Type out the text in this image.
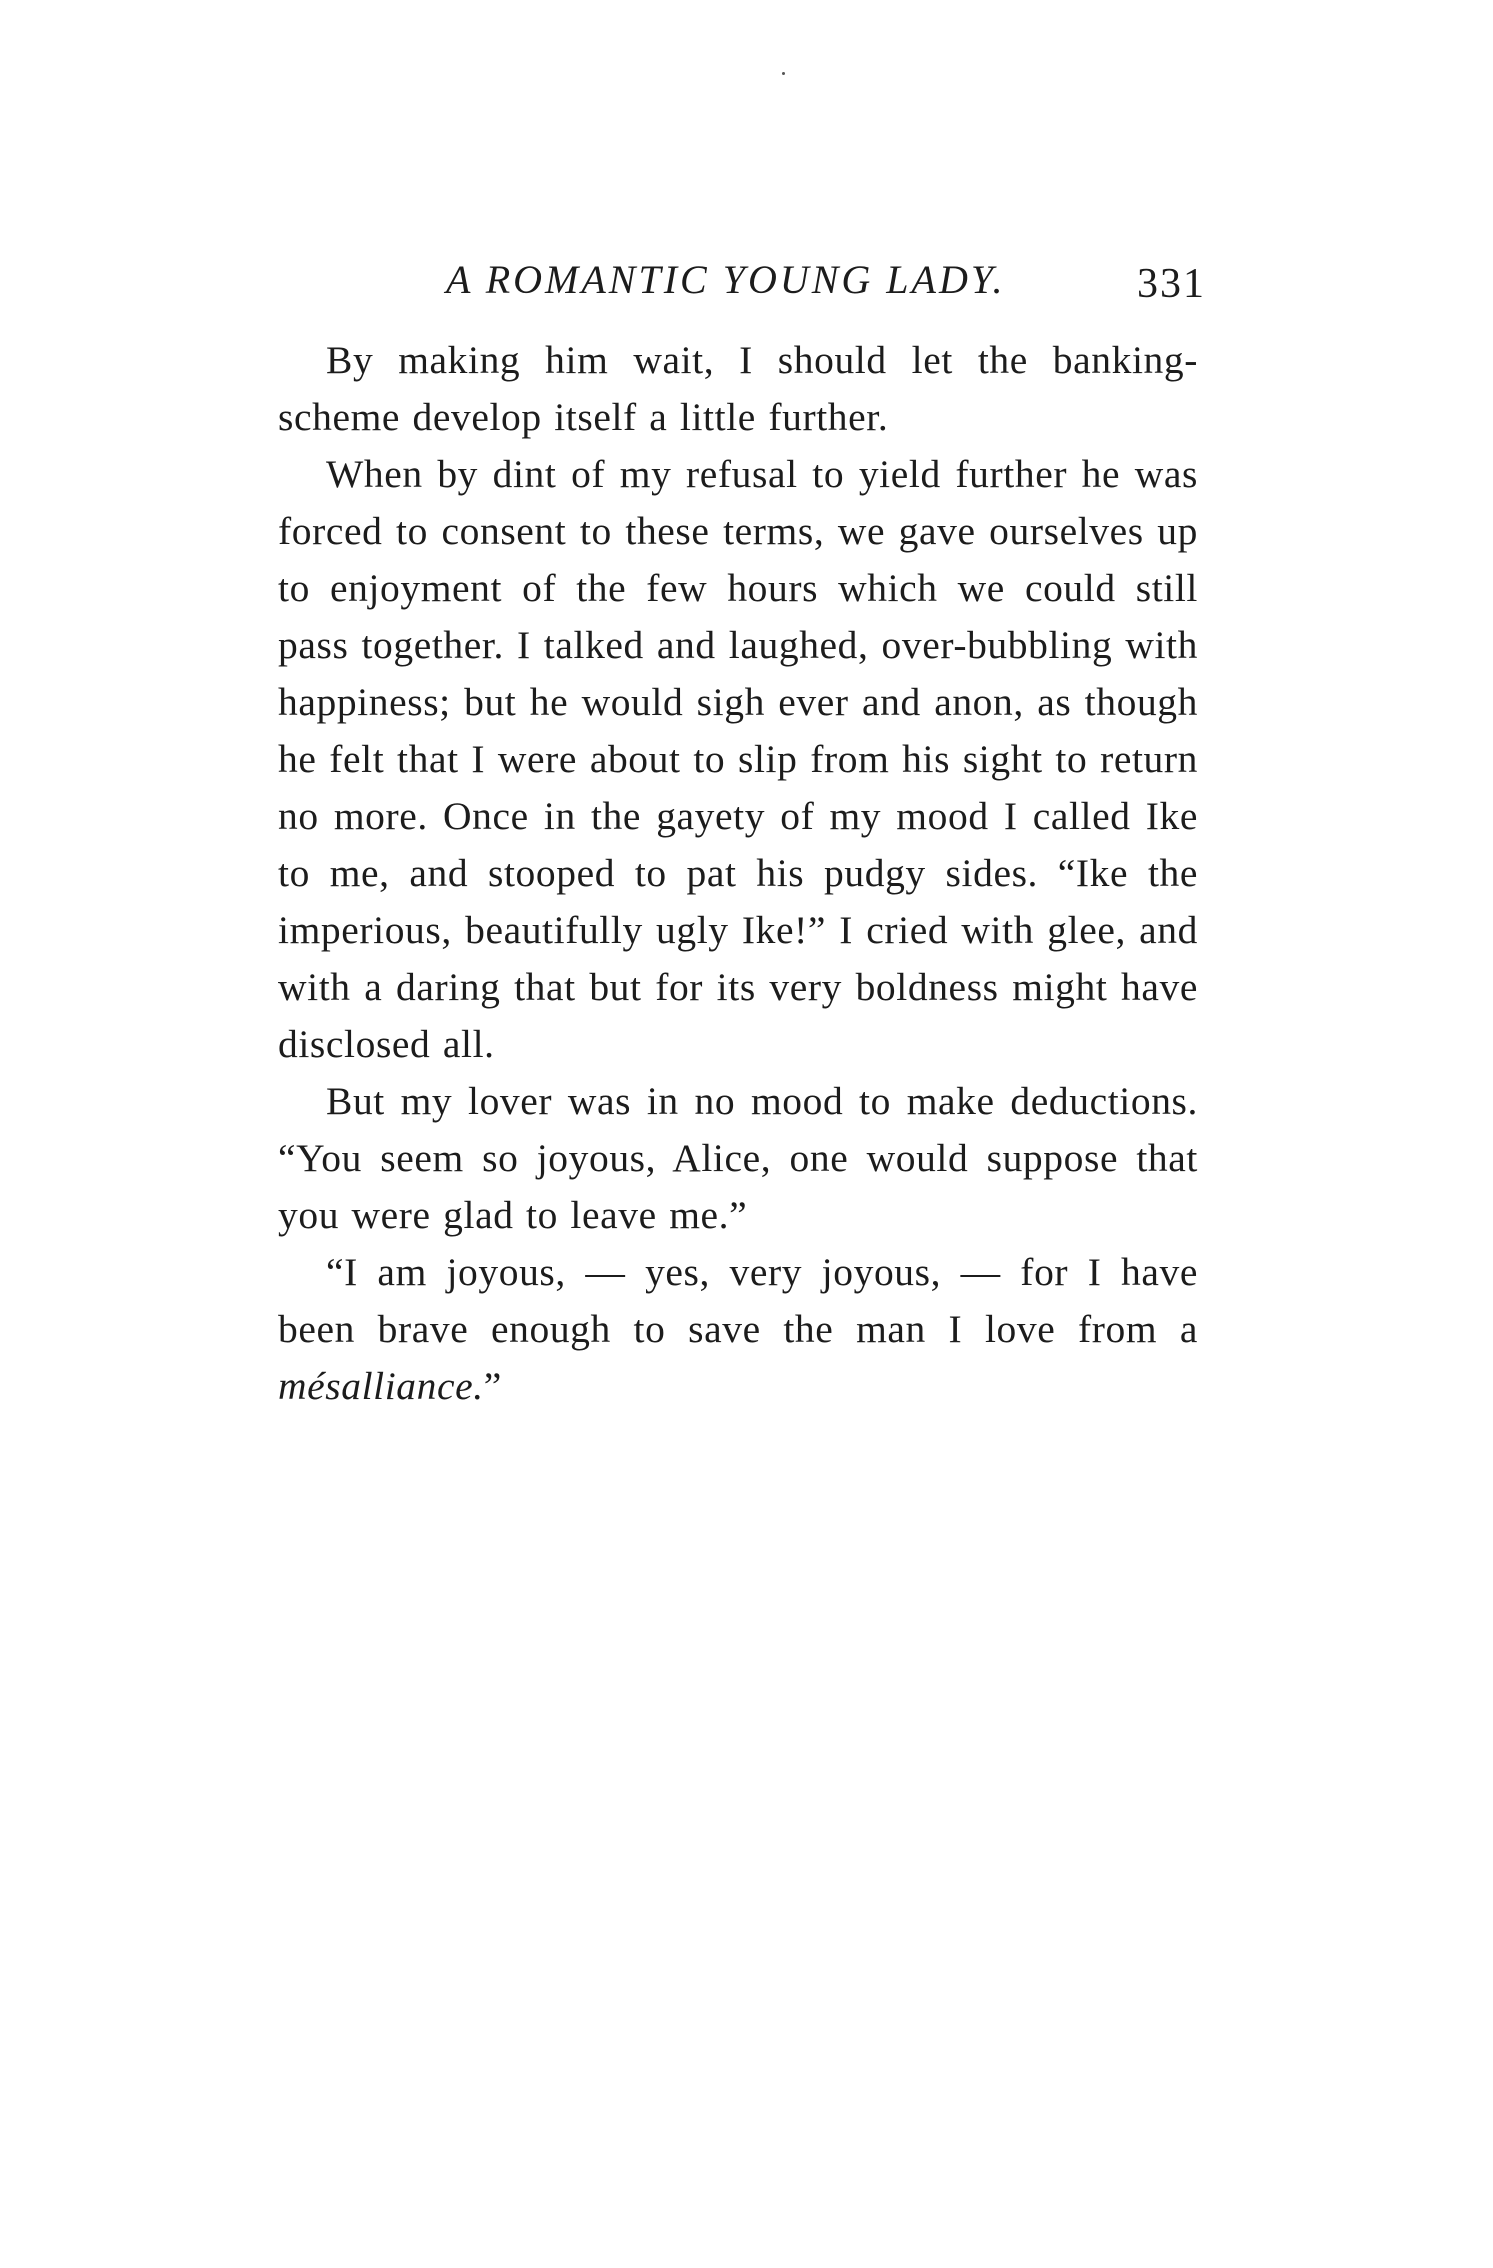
A ROMANTIC YOUNG LADY.	331

By making him wait, I should let the banking-scheme develop itself a little further.

When by dint of my refusal to yield further he was forced to consent to these terms, we gave ourselves up to enjoyment of the few hours which we could still pass together. I talked and laughed, over-bubbling with happiness; but he would sigh ever and anon, as though he felt that I were about to slip from his sight to return no more. Once in the gayety of my mood I called Ike to me, and stooped to pat his pudgy sides. “Ike the imperious, beautifully ugly Ike!” I cried with glee, and with a daring that but for its very boldness might have disclosed all.

But my lover was in no mood to make deductions. “You seem so joyous, Alice, one would suppose that you were glad to leave me.”

“I am joyous, — yes, very joyous, — for I have been brave enough to save the man I love from a mésalliance.”
